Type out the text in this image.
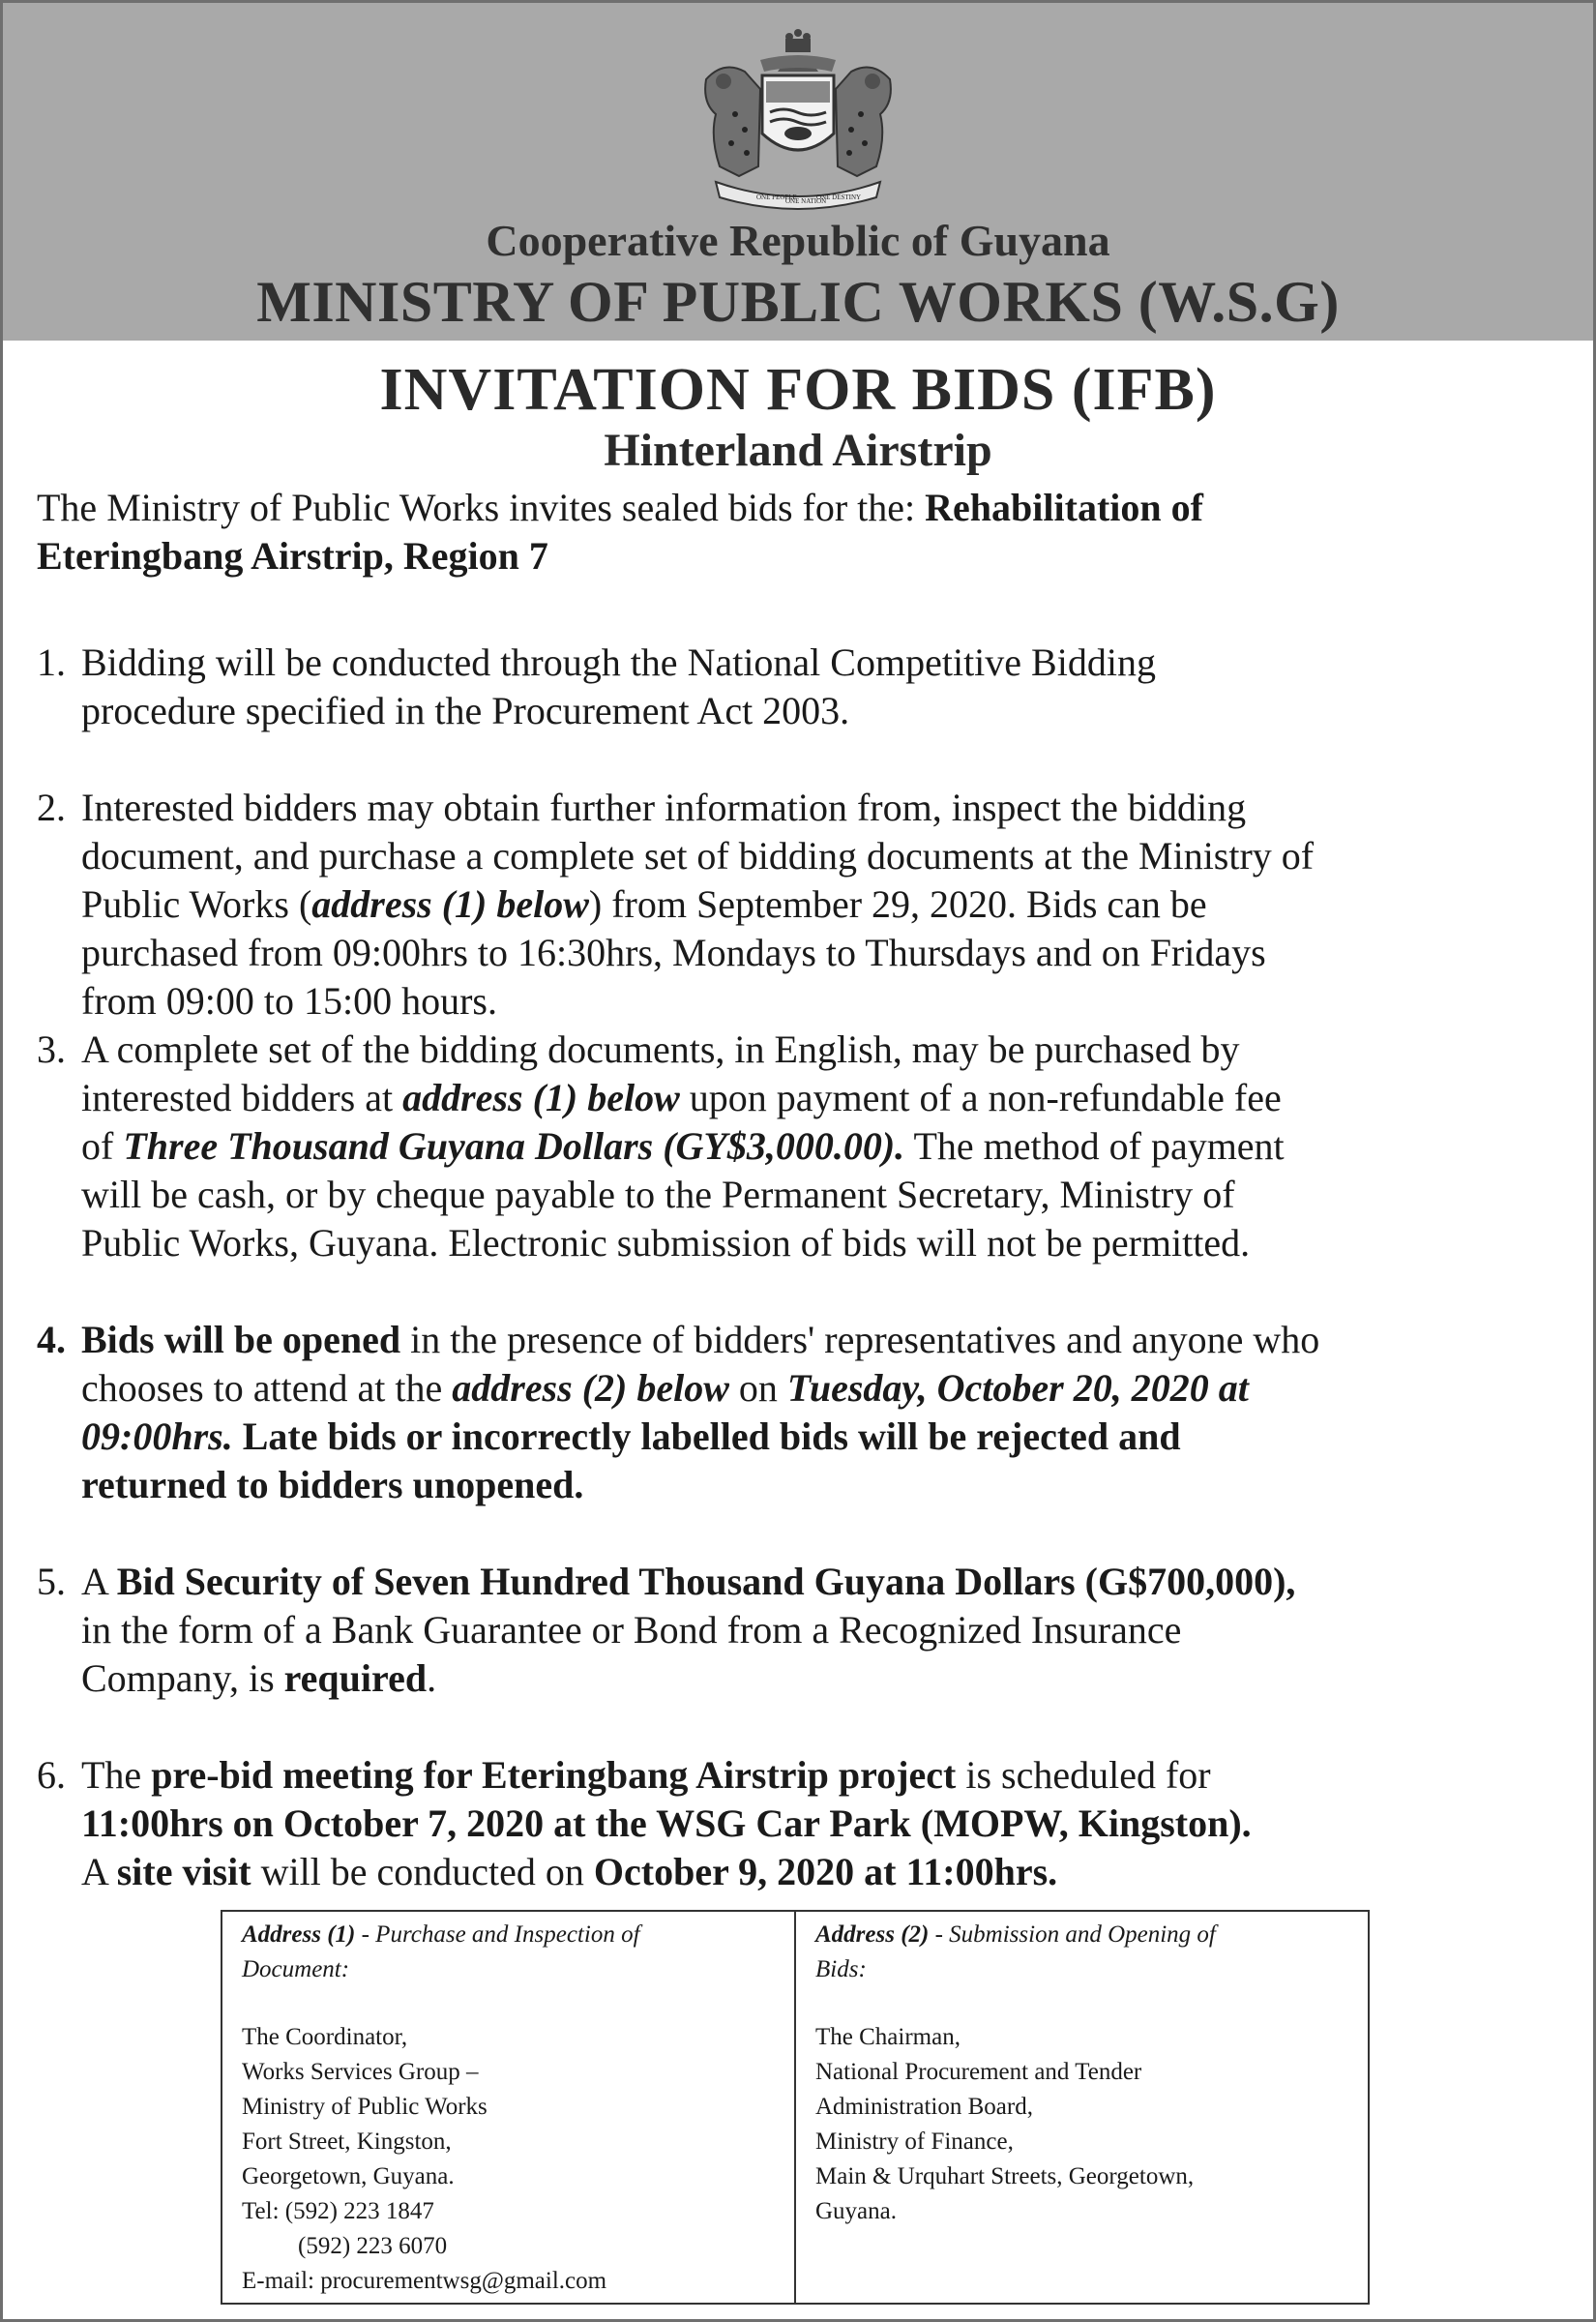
ONE PEOPLE
ONE NATION
ONE DESTINY
Cooperative Republic of Guyana
MINISTRY OF PUBLIC WORKS (W.S.G)
INVITATION FOR BIDS (IFB)
Hinterland Airstrip
The Ministry of Public Works invites sealed bids for the: Rehabilitation of
Eteringbang Airstrip, Region 7
1. Bidding will be conducted through the National Competitive Bidding
procedure specified in the Procurement Act 2003.
2. Interested bidders may obtain further information from, inspect the bidding
document, and purchase a complete set of bidding documents at the Ministry of
Public Works (address (1) below) from September 29, 2020. Bids can be
purchased from 09:00hrs to 16:30hrs, Mondays to Thursdays and on Fridays
from 09:00 to 15:00 hours.
3. A complete set of the bidding documents, in English, may be purchased by
interested bidders at address (1) below upon payment of a non-refundable fee
of Three Thousand Guyana Dollars (GY$3,000.00). The method of payment
will be cash, or by cheque payable to the Permanent Secretary, Ministry of
Public Works, Guyana. Electronic submission of bids will not be permitted.
4. Bids will be opened in the presence of bidders' representatives and anyone who
chooses to attend at the address (2) below on Tuesday, October 20, 2020 at
09:00hrs. Late bids or incorrectly labelled bids will be rejected and
returned to bidders unopened.
5. A Bid Security of Seven Hundred Thousand Guyana Dollars (G$700,000),
in the form of a Bank Guarantee or Bond from a Recognized Insurance
Company, is required.
6. The pre-bid meeting for Eteringbang Airstrip project is scheduled for
11:00hrs on October 7, 2020 at the WSG Car Park (MOPW, Kingston).
A site visit will be conducted on October 9, 2020 at 11:00hrs.
Address (1) - Purchase and Inspection of
Document:
The Coordinator,
Works Services Group –
Ministry of Public Works
Fort Street, Kingston,
Georgetown, Guyana.
Tel: (592) 223 1847
(592) 223 6070
E-mail: procurementwsg@gmail.com
Address (2) - Submission and Opening of
Bids:
The Chairman,
National Procurement and Tender
Administration Board,
Ministry of Finance,
Main & Urquhart Streets, Georgetown,
Guyana.
